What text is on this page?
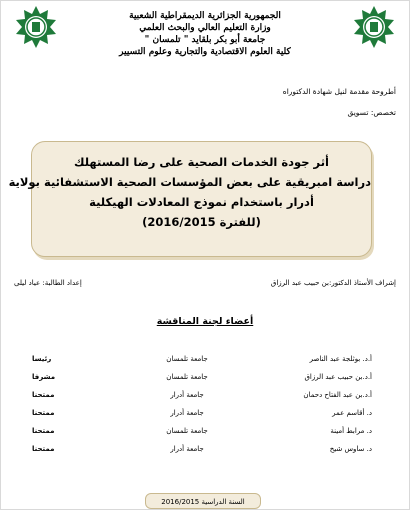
الجمهورية الجزائرية الديمقراطية الشعبية
وزارة التعليم العالي والبحث العلمي
جامعة أبو بكر بلقايد " تلمسان "
كلية العلوم الاقتصادية والتجارية وعلوم التسيير
أطروحة مقدمة لنيل شهادة الدكتوراه
تخصص: تسويق
أثر جودة الخدمات الصحية على رضا المستهلك
دراسة امبريقية على بعض المؤسسات الصحية الاستشفائية بولاية
أدرار باستخدام نموذج المعادلات الهيكلية
(للفترة 2016/2015)
إشراف الأستاذ الدكتور:بن حبيب عبد الرزاق
إعداد الطالبة: عياد ليلى
أعضاء لجنة المناقشة
أ.د. بوثلجة عبد الناصر
جامعة تلمسان
رئيسا
أ.د.بن حبيب عبد الرزاق
جامعة تلمسان
مشرفا
أ.د.بن عبد الفتاح دحمان
جامعة أدرار
ممتحنا
د. أقاسم عمر
جامعة أدرار
ممتحنا
د. مرابط أمينة
جامعة تلمسان
ممتحنا
د. ساوس شيخ
جامعة أدرار
ممتحنا
السنة الدراسية 2016/2015
